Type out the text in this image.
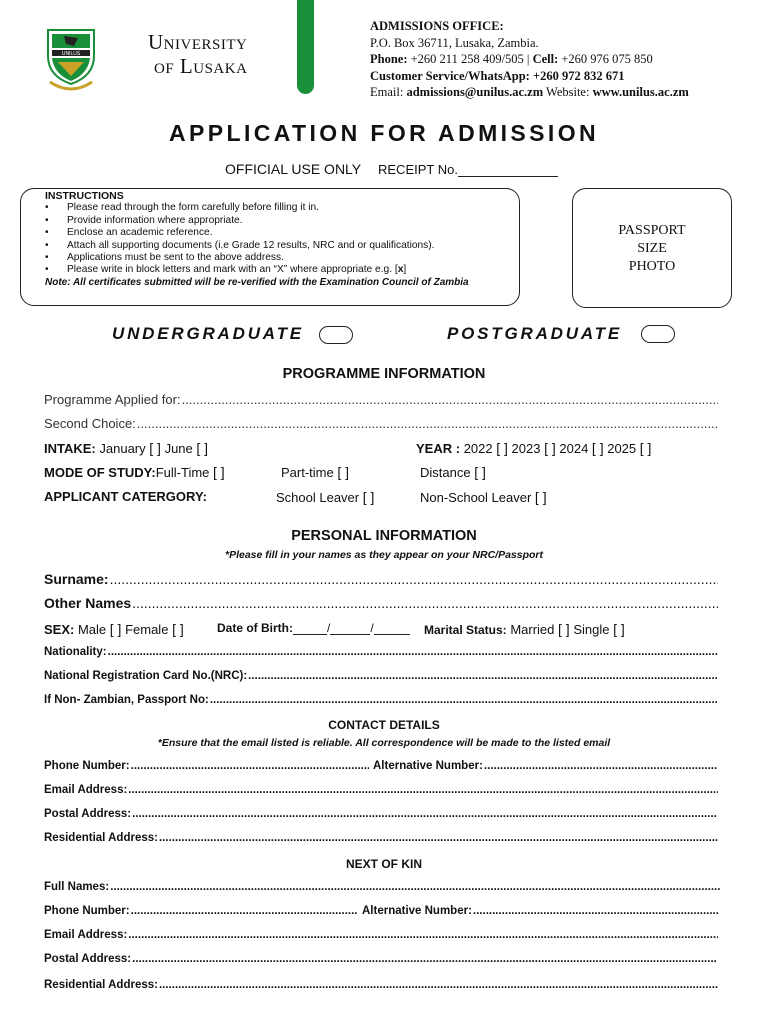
UNILUS	University
of Lusaka
ADMISSIONS OFFICE:
P.O. Box 36711, Lusaka, Zambia.
Phone: +260 211 258 409/505 | Cell: +260 976 075 850
Customer Service/WhatsApp: +260 972 832 671
Email: admissions@unilus.ac.zm Website: www.unilus.ac.zm
APPLICATION FOR ADMISSION
OFFICIAL USE ONLY RECEIPT No.
INSTRUCTIONS
• Please read through the form carefully before filling it in.
• Provide information where appropriate.
• Enclose an academic reference.
• Attach all supporting documents (i.e Grade 12 results, NRC and or qualifications).
• Applications must be sent to the above address.
• Please write in block letters and mark with an “X” where appropriate e.g. [x]
Note: All certificates submitted will be re-verified with the Examination Council of Zambia
PASSPORT
SIZE
PHOTO
UNDERGRADUATE	POSTGRADUATE
PROGRAMME INFORMATION
Programme Applied for:
.....
Second Choice:
.....
INTAKE: January [ ] June [ ]	YEAR : 2022 [ ] 2023 [ ] 2024 [ ] 2025 [ ]
MODE OF STUDY:Full-Time [ ]	Part-time [ ]	Distance [ ]
APPLICANT CATERGORY:	School Leaver [ ]	Non-School Leaver [ ]
PERSONAL INFORMATION
*Please fill in your names as they appear on your NRC/Passport
Surname:
.....
Other Names
.....
SEX: Male [ ] Female [ ]	Date of Birth:	/	/	Marital Status: Married [ ] Single [ ]
Nationality:
.....
National Registration Card No.(NRC):
.....
If Non- Zambian, Passport No:
.....
CONTACT DETAILS
*Ensure that the email listed is reliable. All correspondence will be made to the listed email
Phone Number: .....	Alternative Number:
.....
Email Address:
.....
Postal Address:
.....
Residential Address:
.....
NEXT OF KIN
Full Names:
.....
Phone Number: .....	Alternative Number:
.....
Email Address:
.....
Postal Address:
.....
Residential Address:
.....
